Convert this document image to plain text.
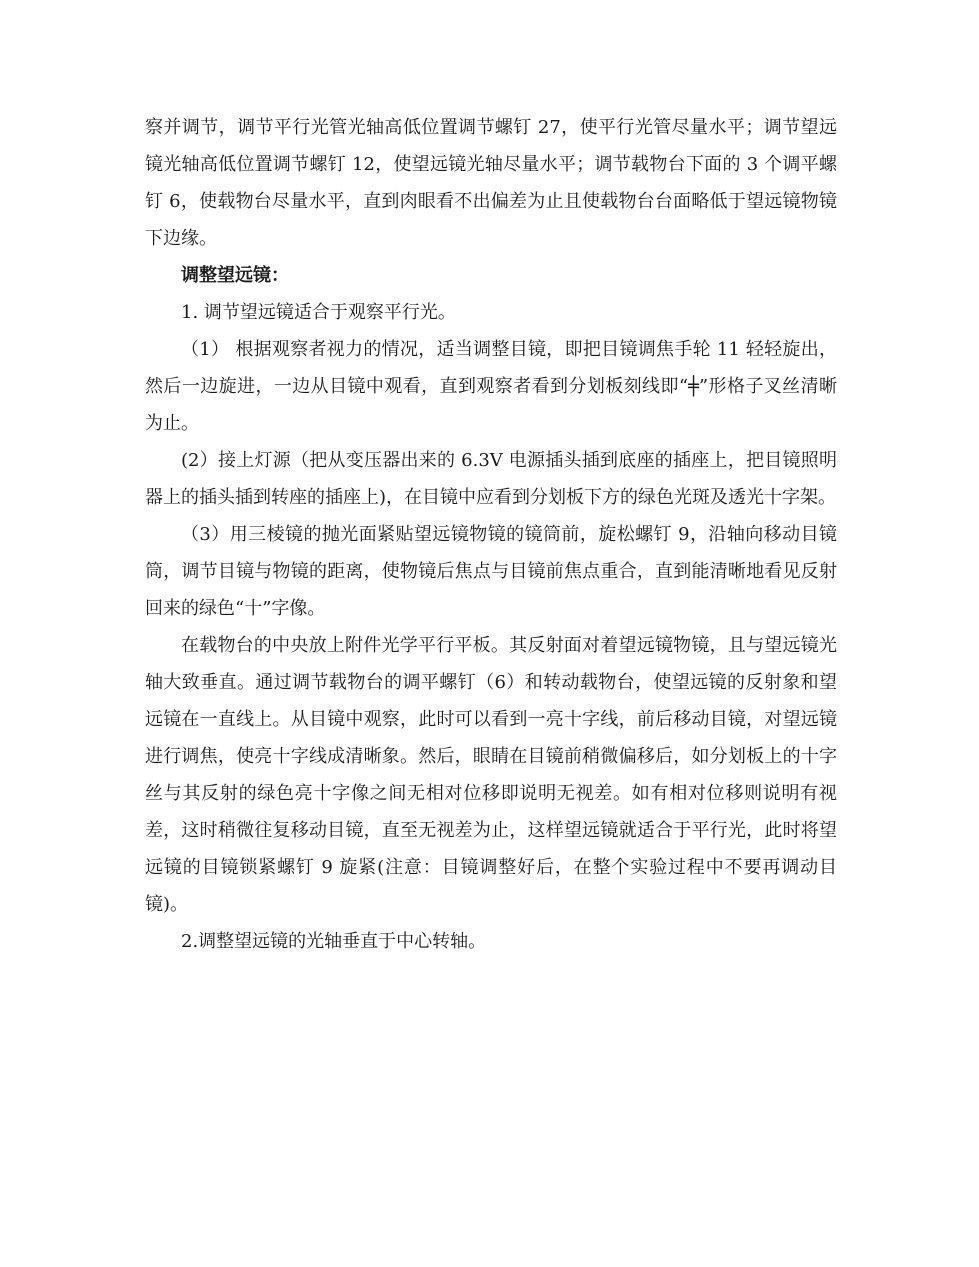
察并调节，调节平行光管光轴高低位置调节螺钉 27，使平行光管尽量水平；调节望远镜光轴高低位置调节螺钉 12，使望远镜光轴尽量水平；调节载物台下面的 3 个调平螺钉 6，使载物台尽量水平，直到肉眼看不出偏差为止且使载物台台面略低于望远镜物镜下边缘。

调整望远镜：

1. 调节望远镜适合于观察平行光。

（1） 根据观察者视力的情况，适当调整目镜，即把目镜调焦手轮 11 轻轻旋出，然后一边旋进，一边从目镜中观看，直到观察者看到分划板刻线即“╪”形格子叉丝清晰为止。

(2）接上灯源（把从变压器出来的 6.3V 电源插头插到底座的插座上，把目镜照明器上的插头插到转座的插座上)，在目镜中应看到分划板下方的绿色光斑及透光十字架。

（3）用三棱镜的抛光面紧贴望远镜物镜的镜筒前，旋松螺钉 9，沿轴向移动目镜筒，调节目镜与物镜的距离，使物镜后焦点与目镜前焦点重合，直到能清晰地看见反射回来的绿色“十”字像。

在载物台的中央放上附件光学平行平板。其反射面对着望远镜物镜，且与望远镜光轴大致垂直。通过调节载物台的调平螺钉（6）和转动载物台，使望远镜的反射象和望远镜在一直线上。从目镜中观察，此时可以看到一亮十字线，前后移动目镜，对望远镜进行调焦，使亮十字线成清晰象。然后，眼睛在目镜前稍微偏移后，如分划板上的十字丝与其反射的绿色亮十字像之间无相对位移即说明无视差。如有相对位移则说明有视差，这时稍微往复移动目镜，直至无视差为止，这样望远镜就适合于平行光，此时将望远镜的目镜锁紧螺钉 9 旋紧(注意：目镜调整好后，在整个实验过程中不要再调动目镜)。

2.调整望远镜的光轴垂直于中心转轴。
